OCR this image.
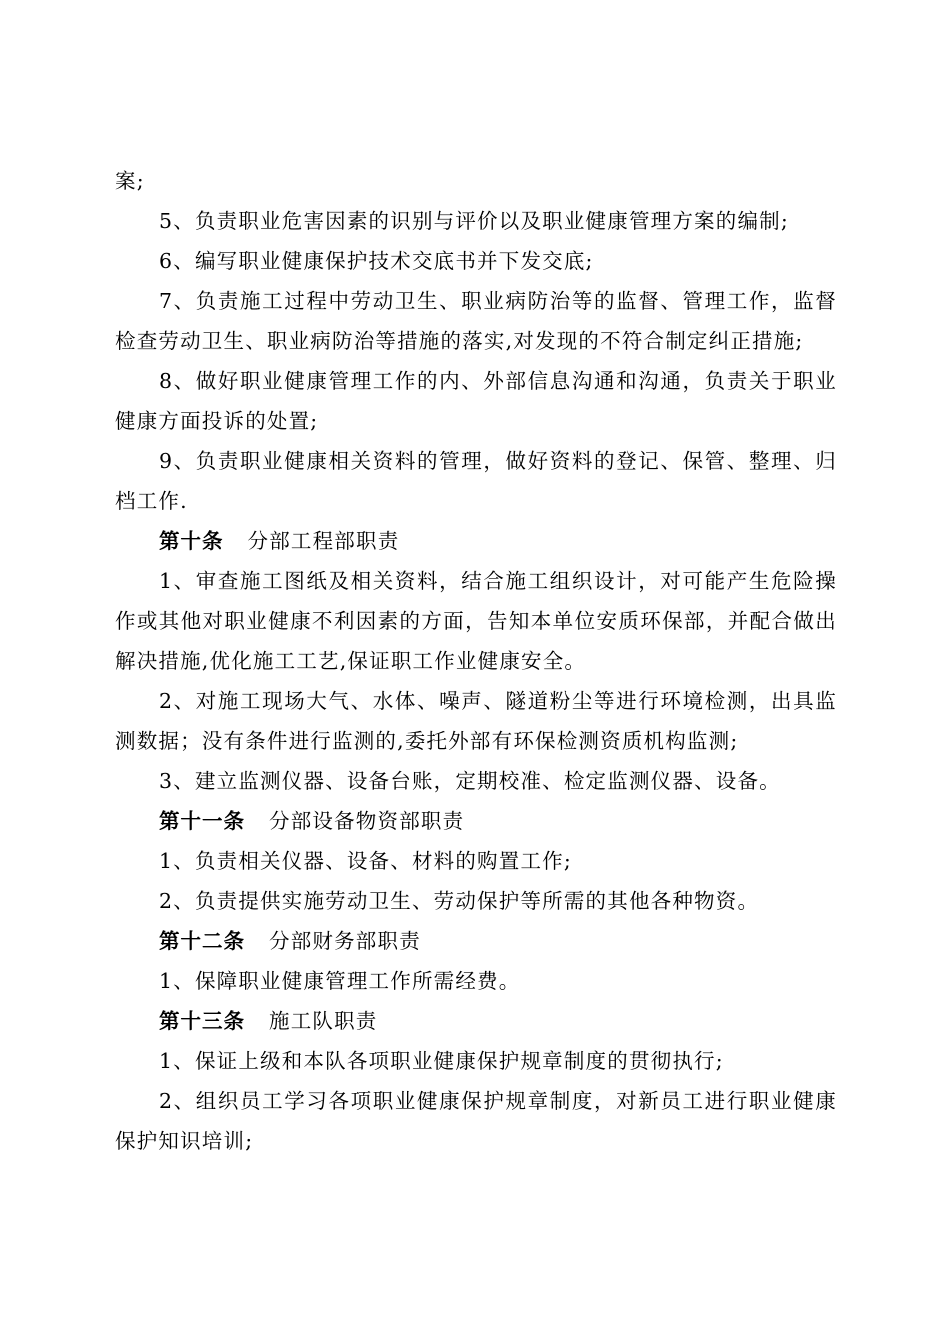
案;

5、负责职业危害因素的识别与评价以及职业健康管理方案的编制;

6、编写职业健康保护技术交底书并下发交底;

7、负责施工过程中劳动卫生、职业病防治等的监督、管理工作，监督检查劳动卫生、职业病防治等措施的落实,对发现的不符合制定纠正措施;

8、做好职业健康管理工作的内、外部信息沟通和沟通，负责关于职业健康方面投诉的处置;

9、负责职业健康相关资料的管理，做好资料的登记、保管、整理、归档工作.

第十条 分部工程部职责

1、审查施工图纸及相关资料，结合施工组织设计，对可能产生危险操作或其他对职业健康不利因素的方面，告知本单位安质环保部，并配合做出解决措施,优化施工工艺,保证职工作业健康安全。

2、对施工现场大气、水体、噪声、隧道粉尘等进行环境检测，出具监测数据；没有条件进行监测的,委托外部有环保检测资质机构监测;

3、建立监测仪器、设备台账，定期校准、检定监测仪器、设备。

第十一条 分部设备物资部职责

1、负责相关仪器、设备、材料的购置工作;

2、负责提供实施劳动卫生、劳动保护等所需的其他各种物资。

第十二条 分部财务部职责

1、保障职业健康管理工作所需经费。

第十三条 施工队职责

1、保证上级和本队各项职业健康保护规章制度的贯彻执行;

2、组织员工学习各项职业健康保护规章制度，对新员工进行职业健康保护知识培训;
